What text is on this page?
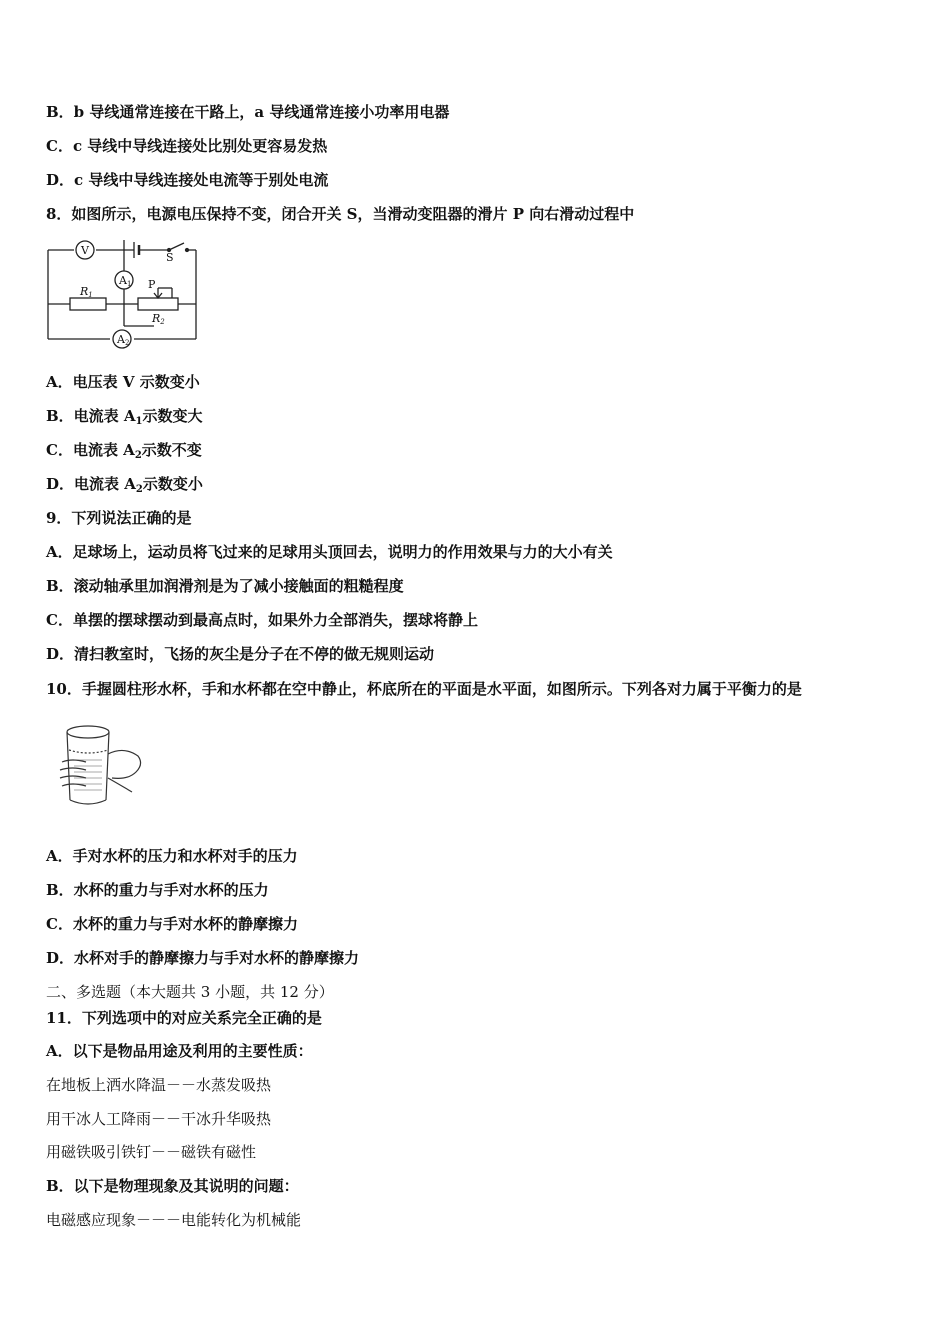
B．b 导线通常连接在干路上，a 导线通常连接小功率用电器
C．c 导线中导线连接处比别处更容易发热
D．c 导线中导线连接处电流等于别处电流
8．如图所示，电源电压保持不变，闭合开关 S，当滑动变阻器的滑片 P 向右滑动过程中
V
A1
A2
S
R1
P
R2
A．电压表 V 示数变小
B．电流表 $A_1$示数变大
C．电流表 $A_2$示数不变
D．电流表 $A_2$示数变小
9．下列说法正确的是
A．足球场上，运动员将飞过来的足球用头顶回去，说明力的作用效果与力的大小有关
B．滚动轴承里加润滑剂是为了减小接触面的粗糙程度
C．单摆的摆球摆动到最高点时，如果外力全部消失，摆球将静上
D．清扫教室时，飞扬的灰尘是分子在不停的做无规则运动
10．手握圆柱形水杯，手和水杯都在空中静止，杯底所在的平面是水平面，如图所示。下列各对力属于平衡力的是
A．手对水杯的压力和水杯对手的压力
B．水杯的重力与手对水杯的压力
C．水杯的重力与手对水杯的静摩擦力
D．水杯对手的静摩擦力与手对水杯的静摩擦力
二、多选题（本大题共 3 小题，共 12 分）
11．下列选项中的对应关系完全正确的是
A．以下是物品用途及利用的主要性质：
在地板上洒水降温－－水蒸发吸热
用干冰人工降雨－－干冰升华吸热
用磁铁吸引铁钉－－磁铁有磁性
B．以下是物理现象及其说明的问题：
电磁感应现象－－－电能转化为机械能
